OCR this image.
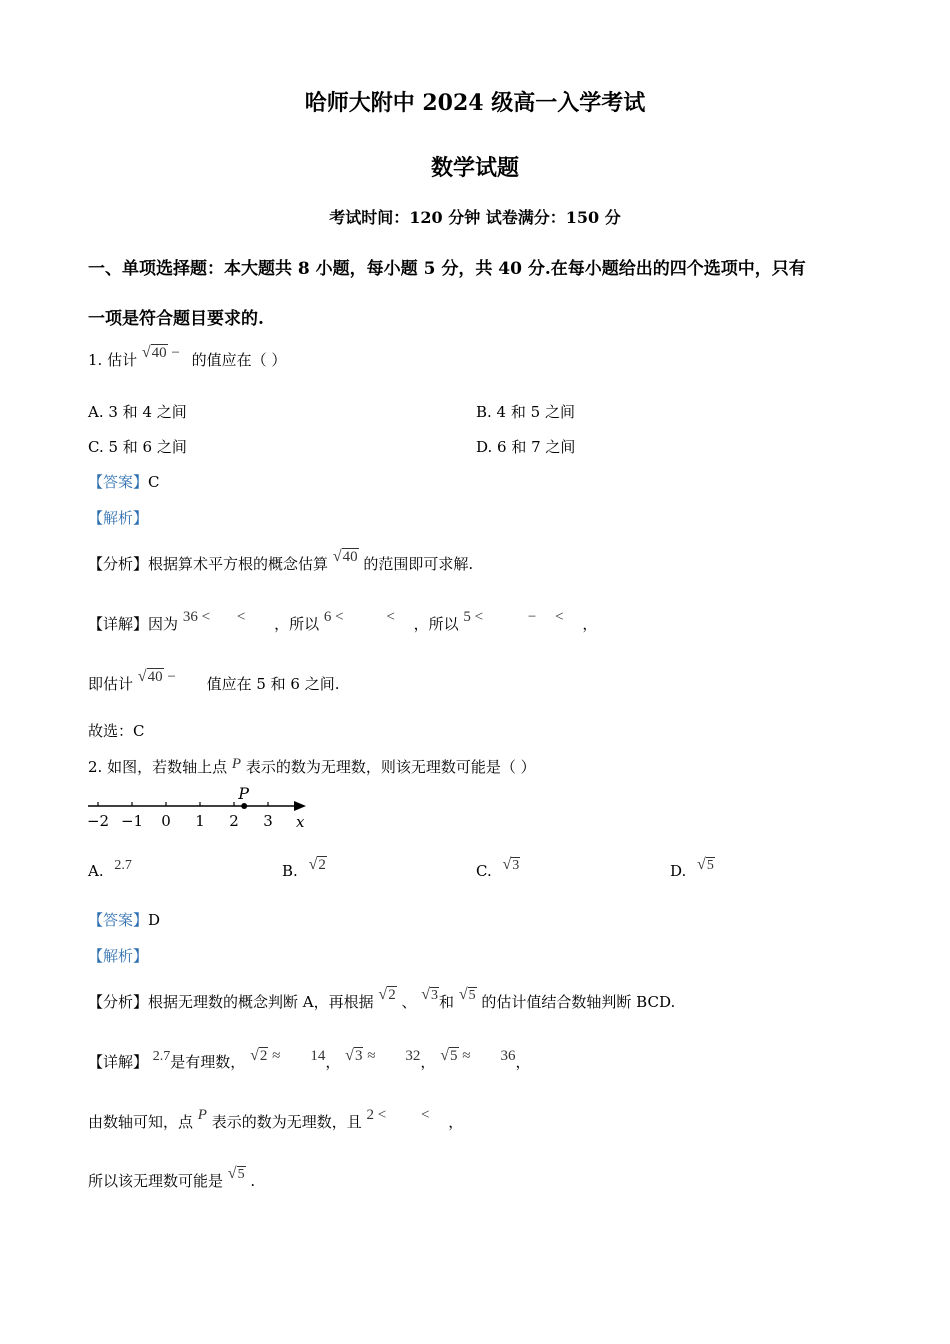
哈师大附中 2024 级高一入学考试
数学试题
考试时间：120 分钟 试卷满分：150 分
一、单项选择题：本大题共 8 小题，每小题 5 分，共 40 分.在每小题给出的四个选项中，只有
一项是符合题目要求的.
1. 估计 √40 − 的值应在（ ）
A. 3 和 4 之间	B. 4 和 5 之间
C. 5 和 6 之间	D. 6 和 7 之间
【答案】C
【解析】
【分析】根据算术平方根的概念估算 √40 的范围即可求解.
【详解】因为 36 < < ，所以 6 <	< ，所以 5 <	− < ，
即估计 √40 − 值应在 5 和 6 之间.
故选：C
2. 如图，若数轴上点 P 表示的数为无理数，则该无理数可能是（ ）
−2 −1 0 1 2 3
P
x
A. 2.7	B. √2	C. √3	D. √5
【答案】D
【解析】
【分析】根据无理数的概念判断 A，再根据 √2 、 √3和 √5 的估计值结合数轴判断 BCD.
【详解】 2.7是有理数， √2 ≈ 14， √3 ≈ 32， √5 ≈ 36，
由数轴可知，点 P 表示的数为无理数，且 2 < < ，
所以该无理数可能是 √5 .
